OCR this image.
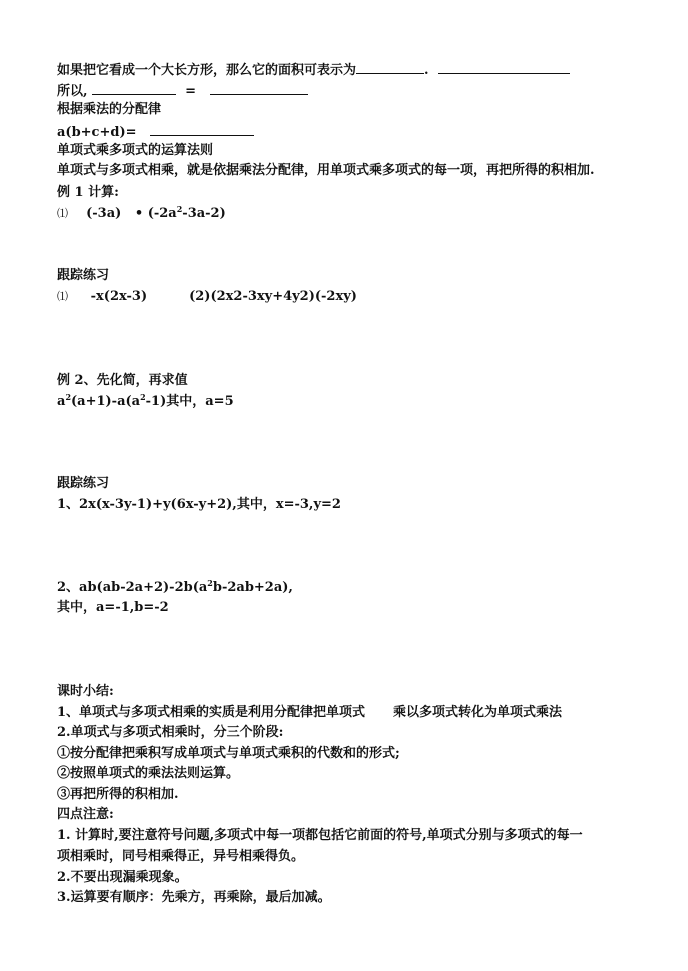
如果把它看成一个大长方形，那么它的面积可表示为	.
所以,	=
根据乘法的分配律
a(b+c+d)=
单项式乘多项式的运算法则
单项式与多项式相乘，就是依据乘法分配律，用单项式乘多项式的每一项，再把所得的积相加.
例 1 计算:
⑴ (-3a) • $(-2a^2-3a-2)$
跟踪练习
⑴ -x(2x-3)	(2)(2x2-3xy+4y2)(-2xy)
例 2、先化简，再求值
$a^2(a+1)-a(a^2-1)$其中，a=5
跟踪练习
1、2x(x-3y-1)+y(6x-y+2),其中，x=-3,y=2
2、$ab(ab-2a+2)-2b(a^2b-2ab+2a)$,
其中，a=-1,b=-2
课时小结:
1、单项式与多项式相乘的实质是利用分配律把单项式 乘以多项式转化为单项式乘法
2.单项式与多项式相乘时，分三个阶段:
①按分配律把乘积写成单项式与单项式乘积的代数和的形式;
②按照单项式的乘法法则运算。
③再把所得的积相加.
四点注意:
1. 计算时,要注意符号问题,多项式中每一项都包括它前面的符号,单项式分别与多项式的每一
项相乘时，同号相乘得正，异号相乘得负。
2.不要出现漏乘现象。
3.运算要有顺序：先乘方，再乘除，最后加减。
